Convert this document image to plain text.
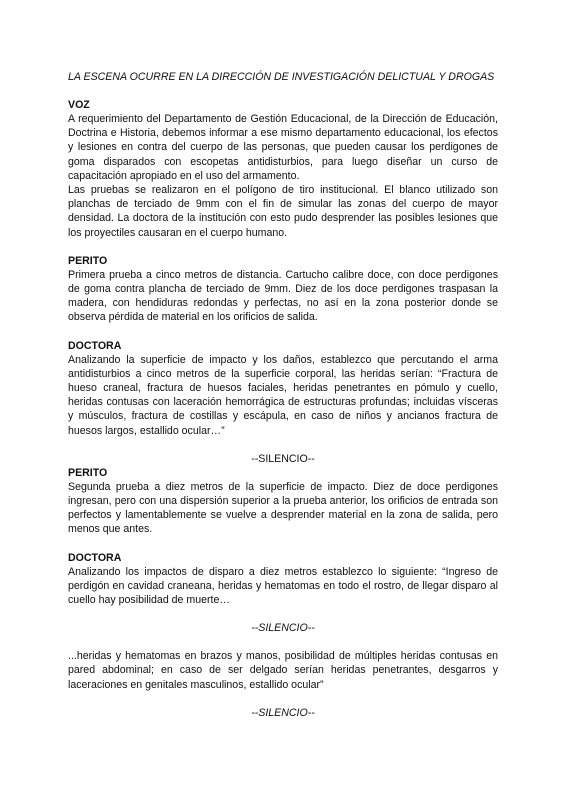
LA ESCENA OCURRE EN LA DIRECCIÓN DE INVESTIGACIÓN DELICTUAL Y DROGAS

VOZ

A requerimiento del Departamento de Gestión Educacional, de la Dirección de Educación, Doctrina e Historia, debemos informar a ese mismo departamento educacional, los efectos y lesiones en contra del cuerpo de las personas, que pueden causar los perdigones de goma disparados con escopetas antidisturbios, para luego diseñar un curso de capacitación apropiado en el uso del armamento.

Las pruebas se realizaron en el polígono de tiro institucional. El blanco utilizado son planchas de terciado de 9mm con el fin de simular las zonas del cuerpo de mayor densidad. La doctora de la institución con esto pudo desprender las posibles lesiones que los proyectiles causaran en el cuerpo humano.

PERITO

Primera prueba a cinco metros de distancia. Cartucho calibre doce, con doce perdigones de goma contra plancha de terciado de 9mm. Diez de los doce perdigones traspasan la madera, con hendiduras redondas y perfectas, no así en la zona posterior donde se observa pérdida de material en los orificios de salida.

DOCTORA

Analizando la superficie de impacto y los daños, establezco que percutando el arma antidisturbios a cinco metros de la superficie corporal, las heridas serían: “Fractura de hueso craneal, fractura de huesos faciales, heridas penetrantes en pómulo y cuello, heridas contusas con laceración hemorrágica de estructuras profundas; incluidas vísceras y músculos, fractura de costillas y escápula, en caso de niños y ancianos fractura de huesos largos, estallido ocular…”

--SILENCIO--

PERITO

Segunda prueba a diez metros de la superficie de impacto. Diez de doce perdigones ingresan, pero con una dispersión superior a la prueba anterior, los orificios de entrada son perfectos y lamentablemente se vuelve a desprender material en la zona de salida, pero menos que antes.

DOCTORA

Analizando los impactos de disparo a diez metros establezco lo siguiente: “Ingreso de perdigón en cavidad craneana, heridas y hematomas en todo el rostro, de llegar disparo al cuello hay posibilidad de muerte…

--SILENCIO--

...heridas y hematomas en brazos y manos, posibilidad de múltiples heridas contusas en pared abdominal; en caso de ser delgado serían heridas penetrantes, desgarros y laceraciones en genitales masculinos, estallido ocular”

--SILENCIO--
